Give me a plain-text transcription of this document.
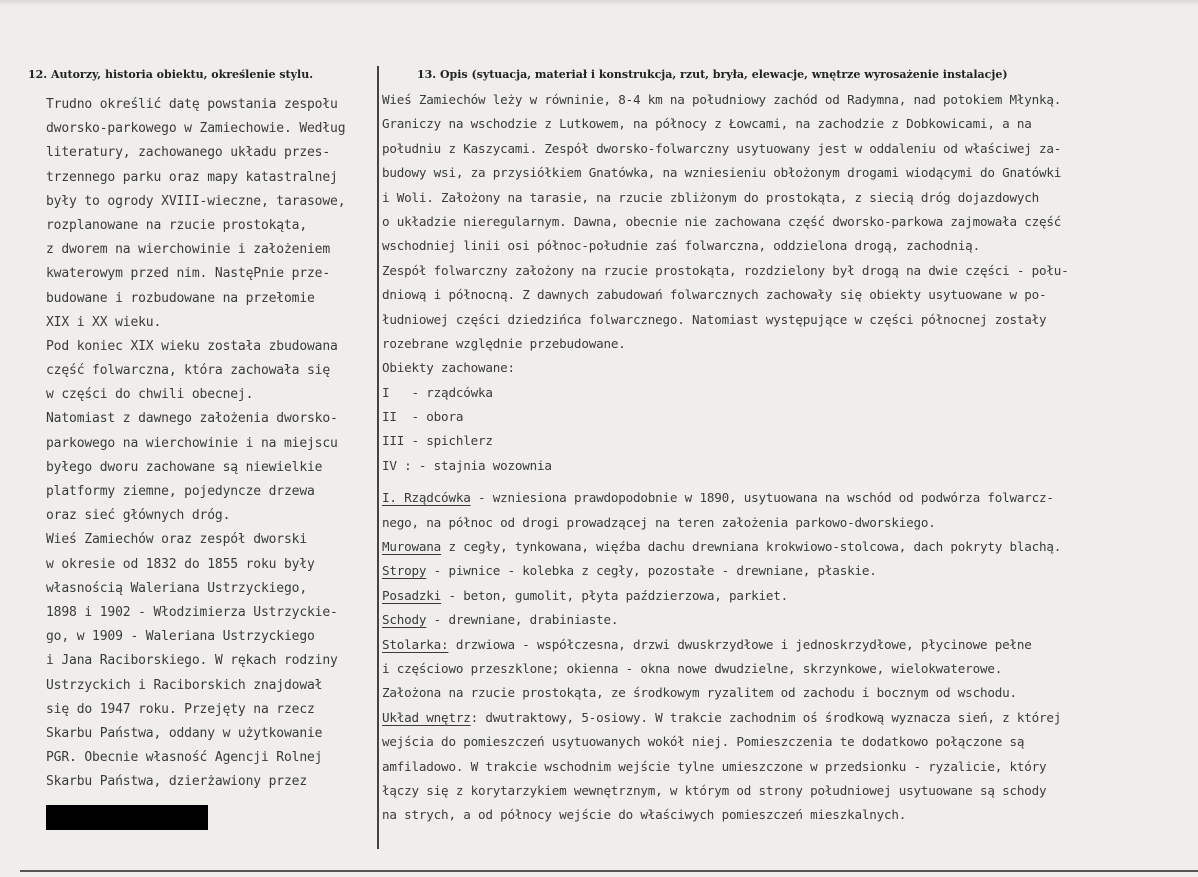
12. Autorzy, historia obiektu, określenie stylu.	13. Opis (sytuacja, materiał i konstrukcja, rzut, bryła, elewacje, wnętrze wyrosażenie instalacje)
Trudno określić datę powstania zespołu
dworsko-parkowego w Zamiechowie. Według
literatury, zachowanego układu przes-
trzennego parku oraz mapy katastralnej
były to ogrody XVIII-wieczne, tarasowe,
rozplanowane na rzucie prostokąta,
z dworem na wierchowinie i założeniem
kwaterowym przed nim. NastęPnie prze-
budowane i rozbudowane na przełomie
XIX i XX wieku.
Pod koniec XIX wieku została zbudowana
część folwarczna, która zachowała się
w części do chwili obecnej.
Natomiast z dawnego założenia dworsko-
parkowego na wierchowinie i na miejscu
byłego dworu zachowane są niewielkie
platformy ziemne, pojedyncze drzewa
oraz sieć głównych dróg.
Wieś Zamiechów oraz zespół dworski
w okresie od 1832 do 1855 roku były
własnością Waleriana Ustrzyckiego,
1898 i 1902 - Włodzimierza Ustrzyckie-
go, w 1909 - Waleriana Ustrzyckiego
i Jana Raciborskiego. W rękach rodziny
Ustrzyckich i Raciborskich znajdował
się do 1947 roku. Przejęty na rzecz
Skarbu Państwa, oddany w użytkowanie
PGR. Obecnie własność Agencji Rolnej
Skarbu Państwa, dzierżawiony przez
Wieś Zamiechów leży w równinie, 8-4 km na południowy zachód od Radymna, nad potokiem Młynką.
Graniczy na wschodzie z Lutkowem, na północy z Łowcami, na zachodzie z Dobkowicami, a na
południu z Kaszycami. Zespół dworsko-folwarczny usytuowany jest w oddaleniu od właściwej za-
budowy wsi, za przysiółkiem Gnatówka, na wzniesieniu obłożonym drogami wiodącymi do Gnatówki
i Woli. Założony na tarasie, na rzucie zbliżonym do prostokąta, z siecią dróg dojazdowych
o układzie nieregularnym. Dawna, obecnie nie zachowana część dworsko-parkowa zajmowała część
wschodniej linii osi północ-południe zaś folwarczna, oddzielona drogą, zachodnią.
Zespół folwarczny założony na rzucie prostokąta, rozdzielony był drogą na dwie części - połu-
dniową i północną. Z dawnych zabudowań folwarcznych zachowały się obiekty usytuowane w po-
łudniowej części dziedzińca folwarcznego. Natomiast występujące w części północnej zostały
rozebrane względnie przebudowane.
Obiekty zachowane:
I   - rządcówka
II  - obora
III - spichlerz
IV : - stajnia wozownia
I. Rządcówka - wzniesiona prawdopodobnie w 1890, usytuowana na wschód od podwórza folwarcz-
nego, na północ od drogi prowadzącej na teren założenia parkowo-dworskiego.
Murowana z cegły, tynkowana, więźba dachu drewniana krokwiowo-stolcowa, dach pokryty blachą.
Stropy - piwnice - kolebka z cegły, pozostałe - drewniane, płaskie.
Posadzki - beton, gumolit, płyta paździerzowa, parkiet.
Schody - drewniane, drabiniaste.
Stolarka: drzwiowa - współczesna, drzwi dwuskrzydłowe i jednoskrzydłowe, płycinowe pełne
i częściowo przeszklone; okienna - okna nowe dwudzielne, skrzynkowe, wielokwaterowe.
Założona na rzucie prostokąta, ze środkowym ryzalitem od zachodu i bocznym od wschodu.
Układ wnętrz: dwutraktowy, 5-osiowy. W trakcie zachodnim oś środkową wyznacza sień, z której
wejścia do pomieszczeń usytuowanych wokół niej. Pomieszczenia te dodatkowo połączone są
amfiladowo. W trakcie wschodnim wejście tylne umieszczone w przedsionku - ryzalicie, który
łączy się z korytarzykiem wewnętrznym, w którym od strony południowej usytuowane są schody
na strych, a od północy wejście do właściwych pomieszczeń mieszkalnych.
